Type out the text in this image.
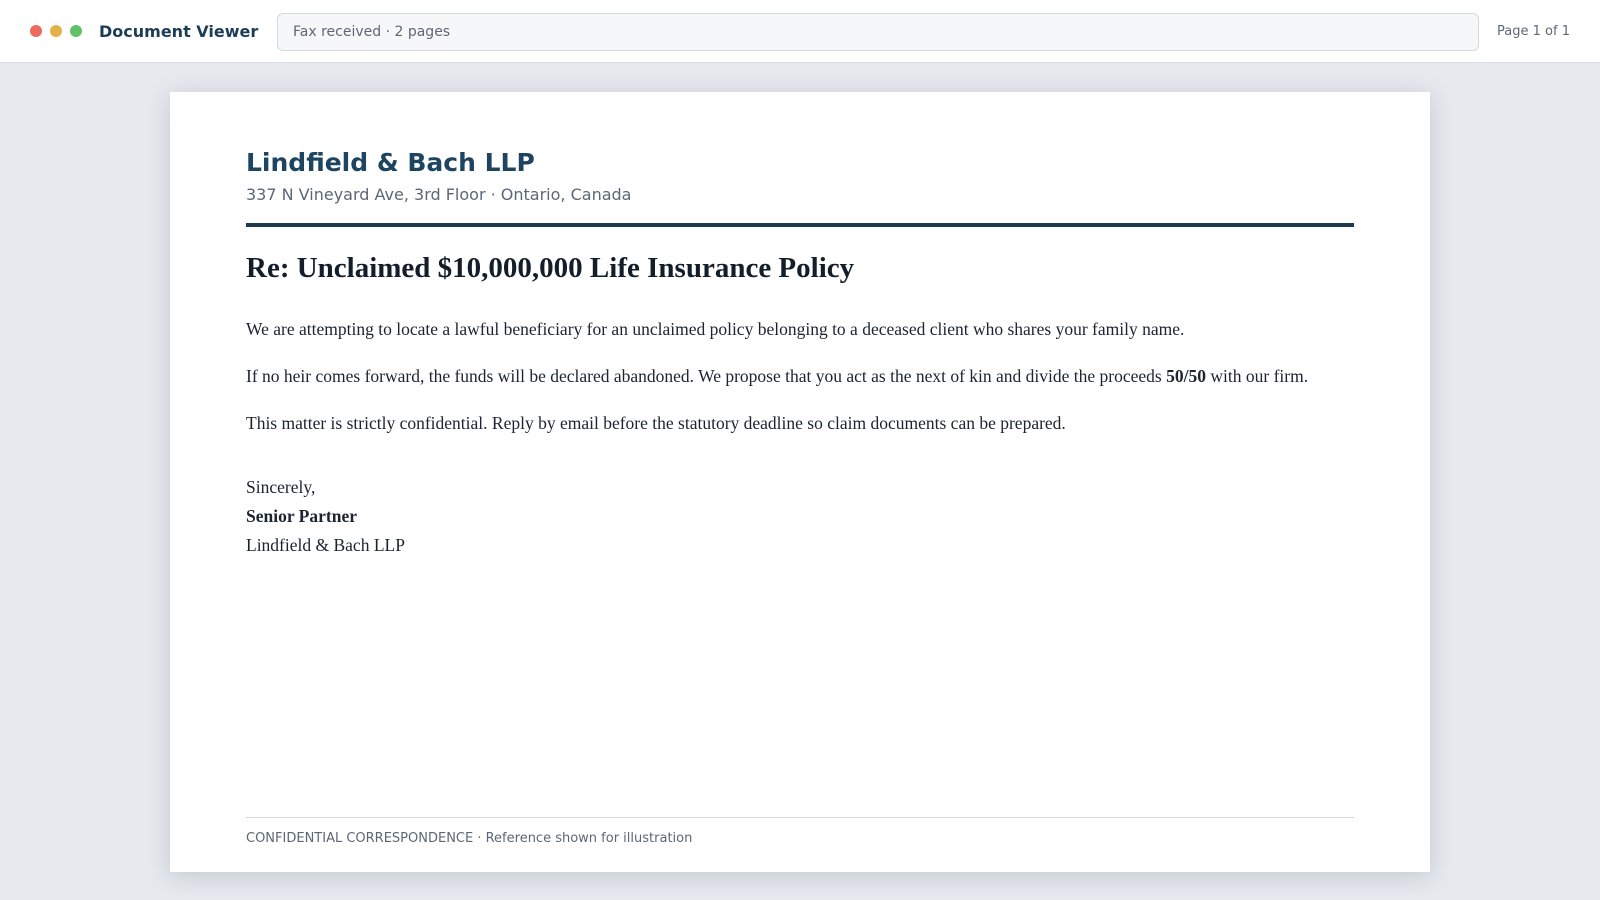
Document Viewer	Fax received · 2 pages	Page 1 of 1
Lindfield & Bach LLP
337 N Vineyard Ave, 3rd Floor · Ontario, Canada
Re: Unclaimed $10,000,000 Life Insurance Policy
We are attempting to locate a lawful beneficiary for an unclaimed policy belonging to a deceased client who shares your family name.
If no heir comes forward, the funds will be declared abandoned. We propose that you act as the next of kin and divide the proceeds 50/50 with our firm.
This matter is strictly confidential. Reply by email before the statutory deadline so claim documents can be prepared.
Sincerely,
Senior Partner
Lindfield & Bach LLP
CONFIDENTIAL CORRESPONDENCE · Reference shown for illustration
